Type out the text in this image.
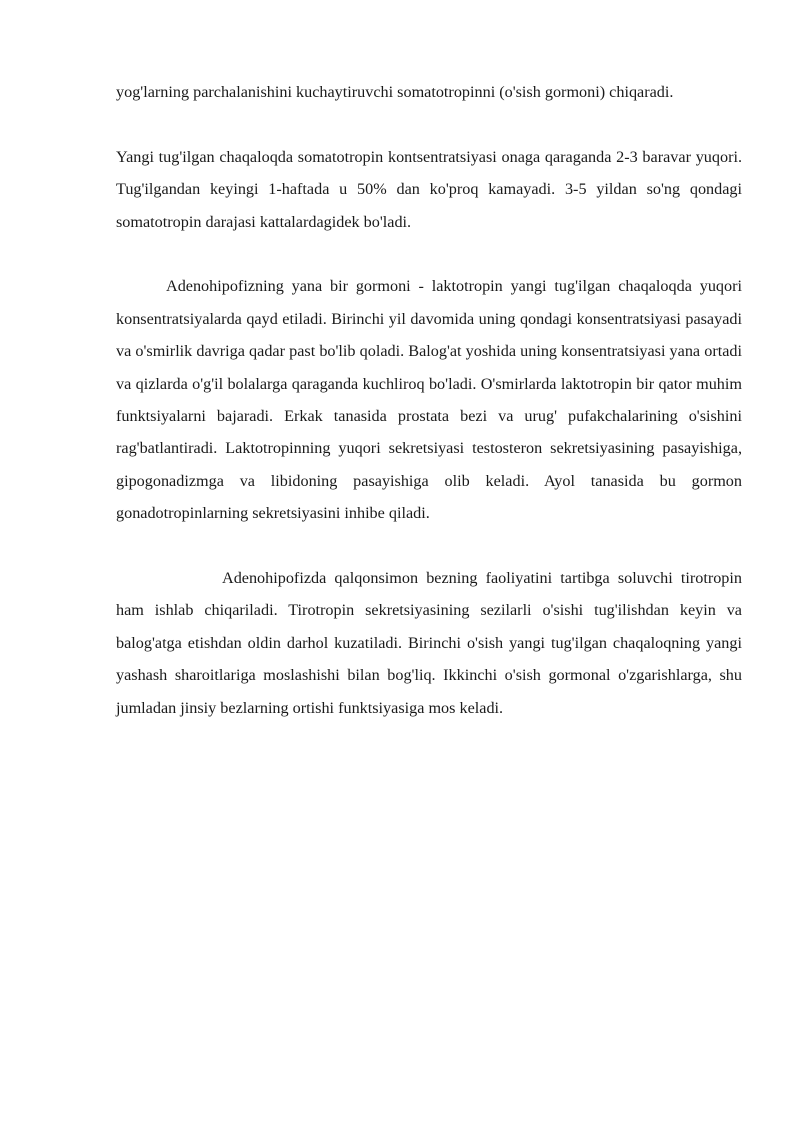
yog'larning parchalanishini kuchaytiruvchi somatotropinni (o'sish gormoni) chiqaradi.

Yangi tug'ilgan chaqaloqda somatotropin kontsentratsiyasi onaga qaraganda 2-3 baravar yuqori. Tug'ilgandan keyingi 1-haftada u 50% dan ko'proq kamayadi. 3-5 yildan so'ng qondagi somatotropin darajasi kattalardagidek bo'ladi.

Adenohipofizning yana bir gormoni - laktotropin yangi tug'ilgan chaqaloqda yuqori konsentratsiyalarda qayd etiladi. Birinchi yil davomida uning qondagi konsentratsiyasi pasayadi va o'smirlik davriga qadar past bo'lib qoladi. Balog'at yoshida uning konsentratsiyasi yana ortadi va qizlarda o'g'il bolalarga qaraganda kuchliroq bo'ladi. O'smirlarda laktotropin bir qator muhim funktsiyalarni bajaradi. Erkak tanasida prostata bezi va urug' pufakchalarining o'sishini rag'batlantiradi. Laktotropinning yuqori sekretsiyasi testosteron sekretsiyasining pasayishiga, gipogonadizmga va libidoning pasayishiga olib keladi. Ayol tanasida bu gormon gonadotropinlarning sekretsiyasini inhibe qiladi.

Adenohipofizda qalqonsimon bezning faoliyatini tartibga soluvchi tirotropin ham ishlab chiqariladi. Tirotropin sekretsiyasining sezilarli o'sishi tug'ilishdan keyin va balog'atga etishdan oldin darhol kuzatiladi. Birinchi o'sish yangi tug'ilgan chaqaloqning yangi yashash sharoitlariga moslashishi bilan bog'liq. Ikkinchi o'sish gormonal o'zgarishlarga, shu jumladan jinsiy bezlarning ortishi funktsiyasiga mos keladi.
